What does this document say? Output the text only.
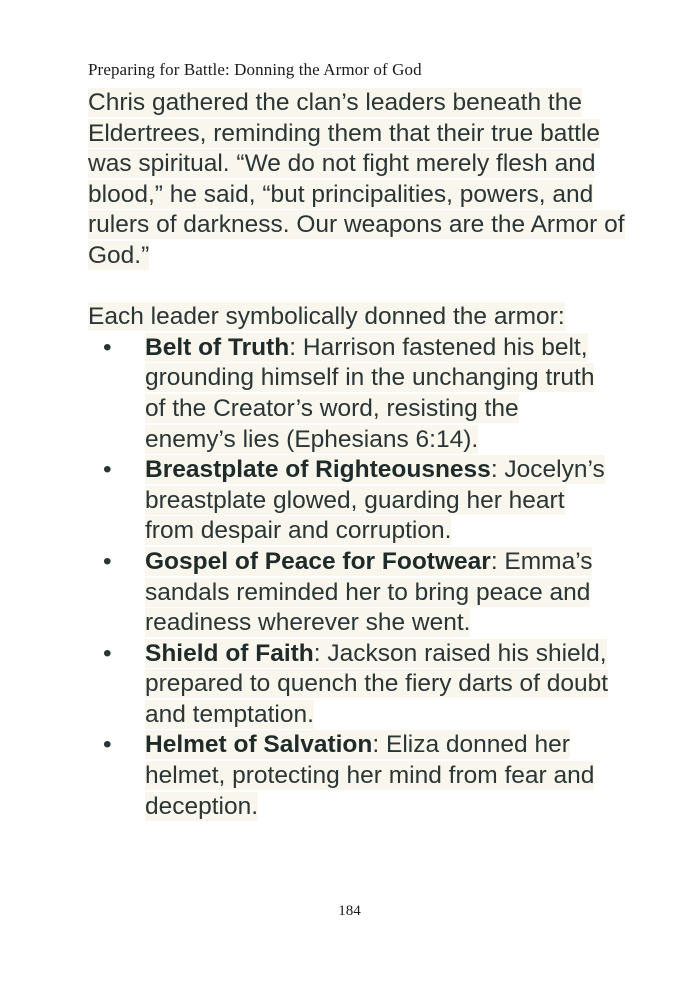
Preparing for Battle: Donning the Armor of God

Chris gathered the clan’s leaders beneath the Eldertrees, reminding them that their true battle was spiritual. “We do not fight merely flesh and blood,” he said, “but principalities, powers, and rulers of darkness. Our weapons are the Armor of God.”

Each leader symbolically donned the armor:

• Belt of Truth: Harrison fastened his belt, grounding himself in the unchanging truth of the Creator’s word, resisting the enemy’s lies (Ephesians 6:14).
• Breastplate of Righteousness: Jocelyn’s breastplate glowed, guarding her heart from despair and corruption.
• Gospel of Peace for Footwear: Emma’s sandals reminded her to bring peace and readiness wherever she went.
• Shield of Faith: Jackson raised his shield, prepared to quench the fiery darts of doubt and temptation.
• Helmet of Salvation: Eliza donned her helmet, protecting her mind from fear and deception.
184
